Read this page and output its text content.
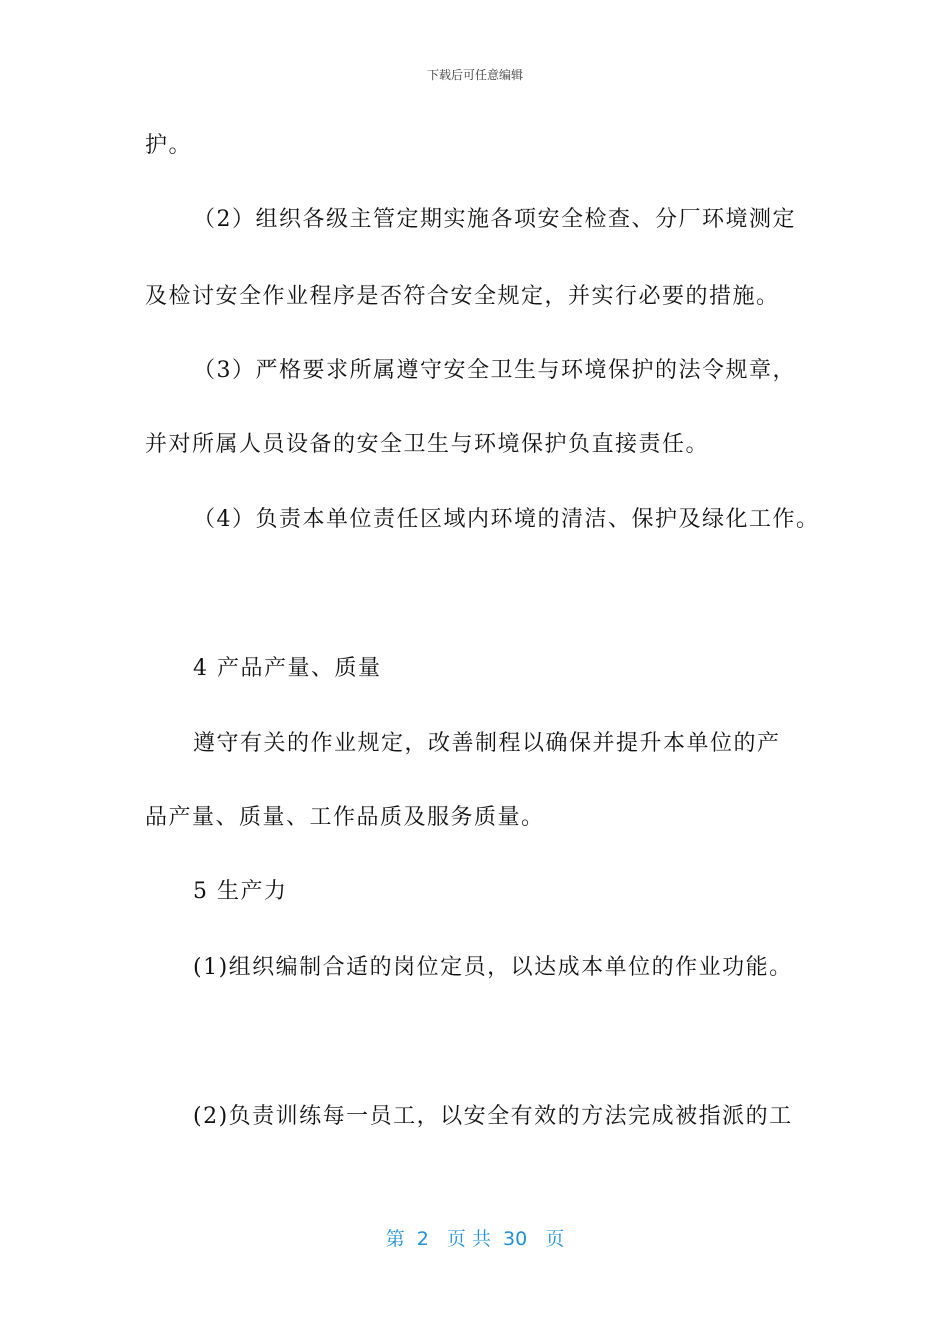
下载后可任意编辑
护。
（2）组织各级主管定期实施各项安全检查、分厂环境测定
及检讨安全作业程序是否符合安全规定，并实行必要的措施。
（3）严格要求所属遵守安全卫生与环境保护的法令规章，
并对所属人员设备的安全卫生与环境保护负直接责任。
（4）负责本单位责任区域内环境的清洁、保护及绿化工作。
4 产品产量、质量
遵守有关的作业规定，改善制程以确保并提升本单位的产
品产量、质量、工作品质及服务质量。
5 生产力
(1)组织编制合适的岗位定员，以达成本单位的作业功能。
(2)负责训练每一员工，以安全有效的方法完成被指派的工
第  2   页 共  30   页
